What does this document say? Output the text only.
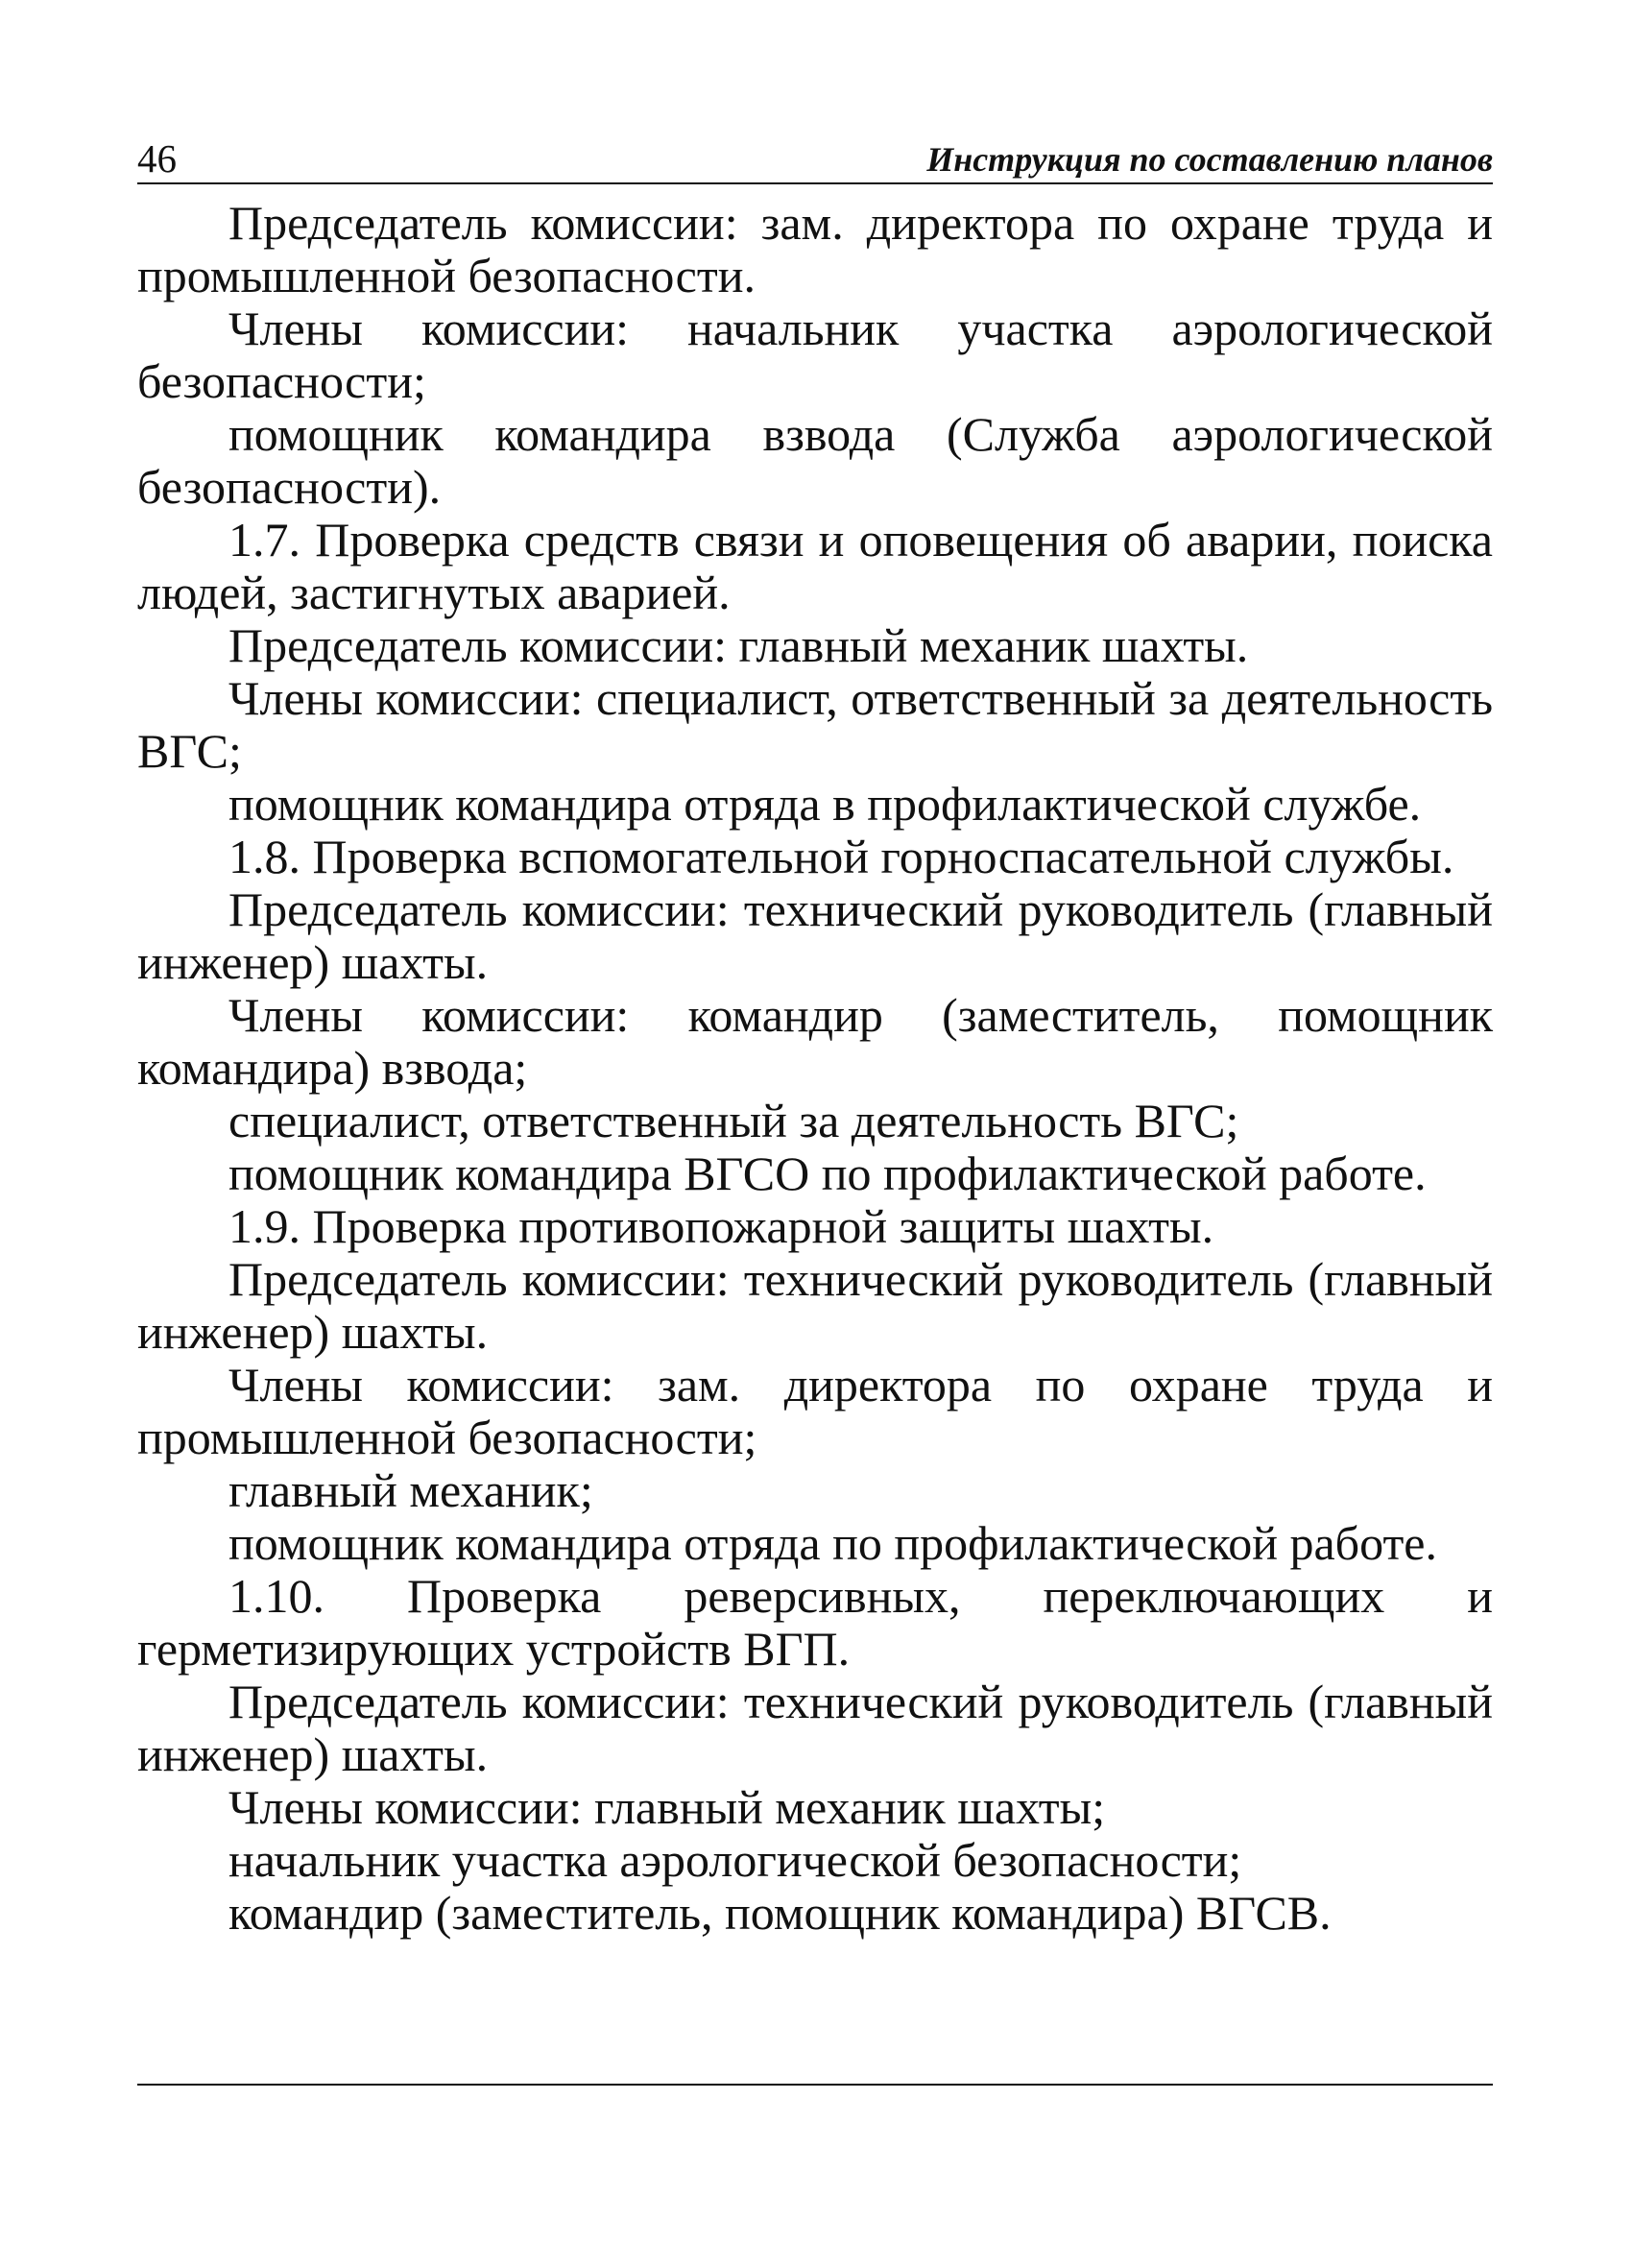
46	Инструкция по составлению планов

Председатель комиссии: зам. директора по охране труда и промышленной безопасности.

Члены комиссии: начальник участка аэрологической безопасности;

помощник командира взвода (Служба аэрологической безопасности).

1.7. Проверка средств связи и оповещения об аварии, поиска людей, застигнутых аварией.

Председатель комиссии: главный механик шахты.

Члены комиссии: специалист, ответственный за деятельность ВГС;

помощник командира отряда в профилактической службе.

1.8. Проверка вспомогательной горноспасательной службы.

Председатель комиссии: технический руководитель (главный инженер) шахты.

Члены комиссии: командир (заместитель, помощник командира) взвода;

специалист, ответственный за деятельность ВГС;

помощник командира ВГСО по профилактической работе.

1.9. Проверка противопожарной защиты шахты.

Председатель комиссии: технический руководитель (главный инженер) шахты.

Члены комиссии: зам. директора по охране труда и промышленной безопасности;

главный механик;

помощник командира отряда по профилактической работе.

1.10. Проверка реверсивных, переключающих и герметизирующих устройств ВГП.

Председатель комиссии: технический руководитель (главный инженер) шахты.

Члены комиссии: главный механик шахты;

начальник участка аэрологической безопасности;

командир (заместитель, помощник командира) ВГСВ.
